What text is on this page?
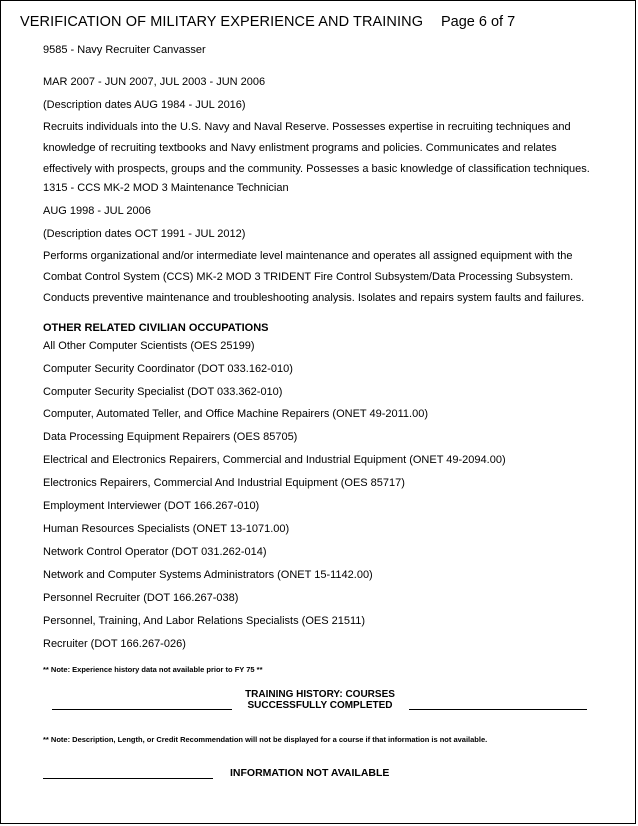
VERIFICATION OF MILITARY EXPERIENCE AND TRAINING Page 6 of 7
9585 - Navy Recruiter Canvasser
MAR 2007 - JUN 2007, JUL 2003 - JUN 2006
(Description dates AUG 1984 - JUL 2016)
Recruits individuals into the U.S. Navy and Naval Reserve. Possesses expertise in recruiting techniques and knowledge of recruiting textbooks and Navy enlistment programs and policies. Communicates and relates effectively with prospects, groups and the community. Possesses a basic knowledge of classification techniques.
1315 - CCS MK-2 MOD 3 Maintenance Technician
AUG 1998 - JUL 2006
(Description dates OCT 1991 - JUL 2012)
Performs organizational and/or intermediate level maintenance and operates all assigned equipment with the Combat Control System (CCS) MK-2 MOD 3 TRIDENT Fire Control Subsystem/Data Processing Subsystem. Conducts preventive maintenance and troubleshooting analysis. Isolates and repairs system faults and failures.
OTHER RELATED CIVILIAN OCCUPATIONS
All Other Computer Scientists (OES 25199)
Computer Security Coordinator (DOT 033.162-010)
Computer Security Specialist (DOT 033.362-010)
Computer, Automated Teller, and Office Machine Repairers (ONET 49-2011.00)
Data Processing Equipment Repairers (OES 85705)
Electrical and Electronics Repairers, Commercial and Industrial Equipment (ONET 49-2094.00)
Electronics Repairers, Commercial And Industrial Equipment (OES 85717)
Employment Interviewer (DOT 166.267-010)
Human Resources Specialists (ONET 13-1071.00)
Network Control Operator (DOT 031.262-014)
Network and Computer Systems Administrators (ONET 15-1142.00)
Personnel Recruiter (DOT 166.267-038)
Personnel, Training, And Labor Relations Specialists (OES 21511)
Recruiter (DOT 166.267-026)
** Note: Experience history data not available prior to FY 75 **
TRAINING HISTORY: COURSES
SUCCESSFULLY COMPLETED
** Note: Description, Length, or Credit Recommendation will not be displayed for a course if that information is not available.
INFORMATION NOT AVAILABLE
